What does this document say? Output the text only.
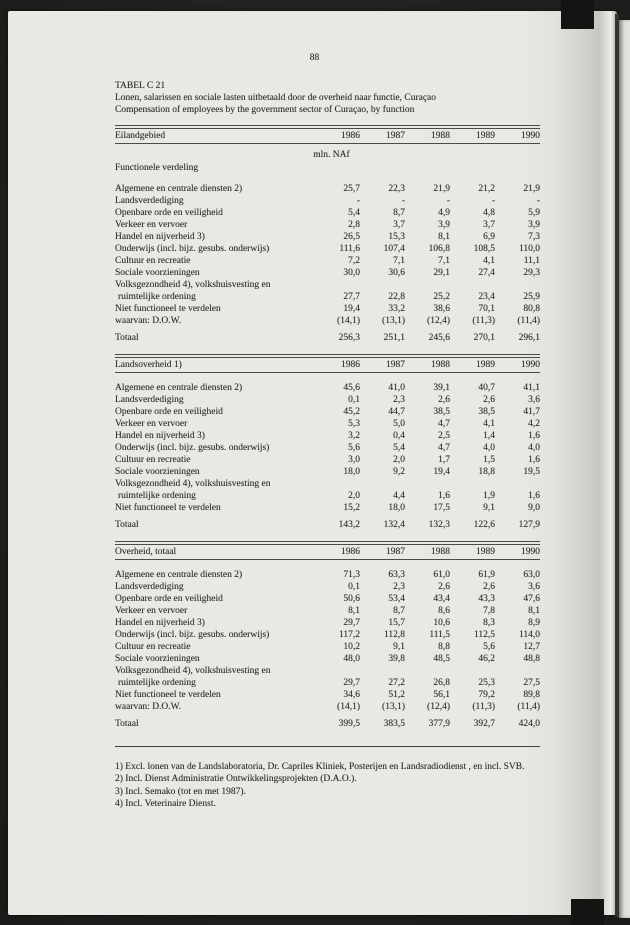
88
TABEL C 21
Lonen, salarissen en sociale lasten uitbetaald door de overheid naar functie, Curaçao
Compensation of employees by the government sector of Curaçao, by function
Eilandgebied	1986	1987	1988	1989	1990
mln. NAf
Functionele verdeling
Algemene en centrale diensten 2)	25,7	22,3	21,9	21,2	21,9
Landsverdediging	-	-	-	-	-
Openbare orde en veiligheid	5,4	8,7	4,9	4,8	5,9
Verkeer en vervoer	2,8	3,7	3,9	3,7	3,9
Handel en nijverheid 3)	26,5	15,3	8,1	6,9	7,3
Onderwijs (incl. bijz. gesubs. onderwijs)	111,6	107,4	106,8	108,5	110,0
Cultuur en recreatie	7,2	7,1	7,1	4,1	11,1
Sociale voorzieningen	30,0	30,6	29,1	27,4	29,3
Volksgezondheid 4), volkshuisvesting en
ruimtelijke ordening	27,7	22,8	25,2	23,4	25,9
Niet functioneel te verdelen	19,4	33,2	38,6	70,1	80,8
waarvan: D.O.W.	(14,1)	(13,1)	(12,4)	(11,3)	(11,4)
Totaal	256,3	251,1	245,6	270,1	296,1
Landsoverheid 1)	1986	1987	1988	1989	1990
Algemene en centrale diensten 2)	45,6	41,0	39,1	40,7	41,1
Landsverdediging	0,1	2,3	2,6	2,6	3,6
Openbare orde en veiligheid	45,2	44,7	38,5	38,5	41,7
Verkeer en vervoer	5,3	5,0	4,7	4,1	4,2
Handel en nijverheid 3)	3,2	0,4	2,5	1,4	1,6
Onderwijs (incl. bijz. gesubs. onderwijs)	5,6	5,4	4,7	4,0	4,0
Cultuur en recreatie	3,0	2,0	1,7	1,5	1,6
Sociale voorzieningen	18,0	9,2	19,4	18,8	19,5
Volksgezondheid 4), volkshuisvesting en
ruimtelijke ordening	2,0	4,4	1,6	1,9	1,6
Niet functioneel te verdelen	15,2	18,0	17,5	9,1	9,0
Totaal	143,2	132,4	132,3	122,6	127,9
Overheid, totaal	1986	1987	1988	1989	1990
Algemene en centrale diensten 2)	71,3	63,3	61,0	61,9	63,0
Landsverdediging	0,1	2,3	2,6	2,6	3,6
Openbare orde en veiligheid	50,6	53,4	43,4	43,3	47,6
Verkeer en vervoer	8,1	8,7	8,6	7,8	8,1
Handel en nijverheid 3)	29,7	15,7	10,6	8,3	8,9
Onderwijs (incl. bijz. gesubs. onderwijs)	117,2	112,8	111,5	112,5	114,0
Cultuur en recreatie	10,2	9,1	8,8	5,6	12,7
Sociale voorzieningen	48,0	39,8	48,5	46,2	48,8
Volksgezondheid 4), volkshuisvesting en
ruimtelijke ordening	29,7	27,2	26,8	25,3	27,5
Niet functioneel te verdelen	34,6	51,2	56,1	79,2	89,8
waarvan: D.O.W.	(14,1)	(13,1)	(12,4)	(11,3)	(11,4)
Totaal	399,5	383,5	377,9	392,7	424,0
1) Excl. lonen van de Landslaboratoria, Dr. Capriles Kliniek, Posterijen en Landsradiodienst , en incl. SVB.
2) Incl. Dienst Administratie Ontwikkelingsprojekten (D.A.O.).
3) Incl. Semako (tot en met 1987).
4) Incl. Veterinaire Dienst.
